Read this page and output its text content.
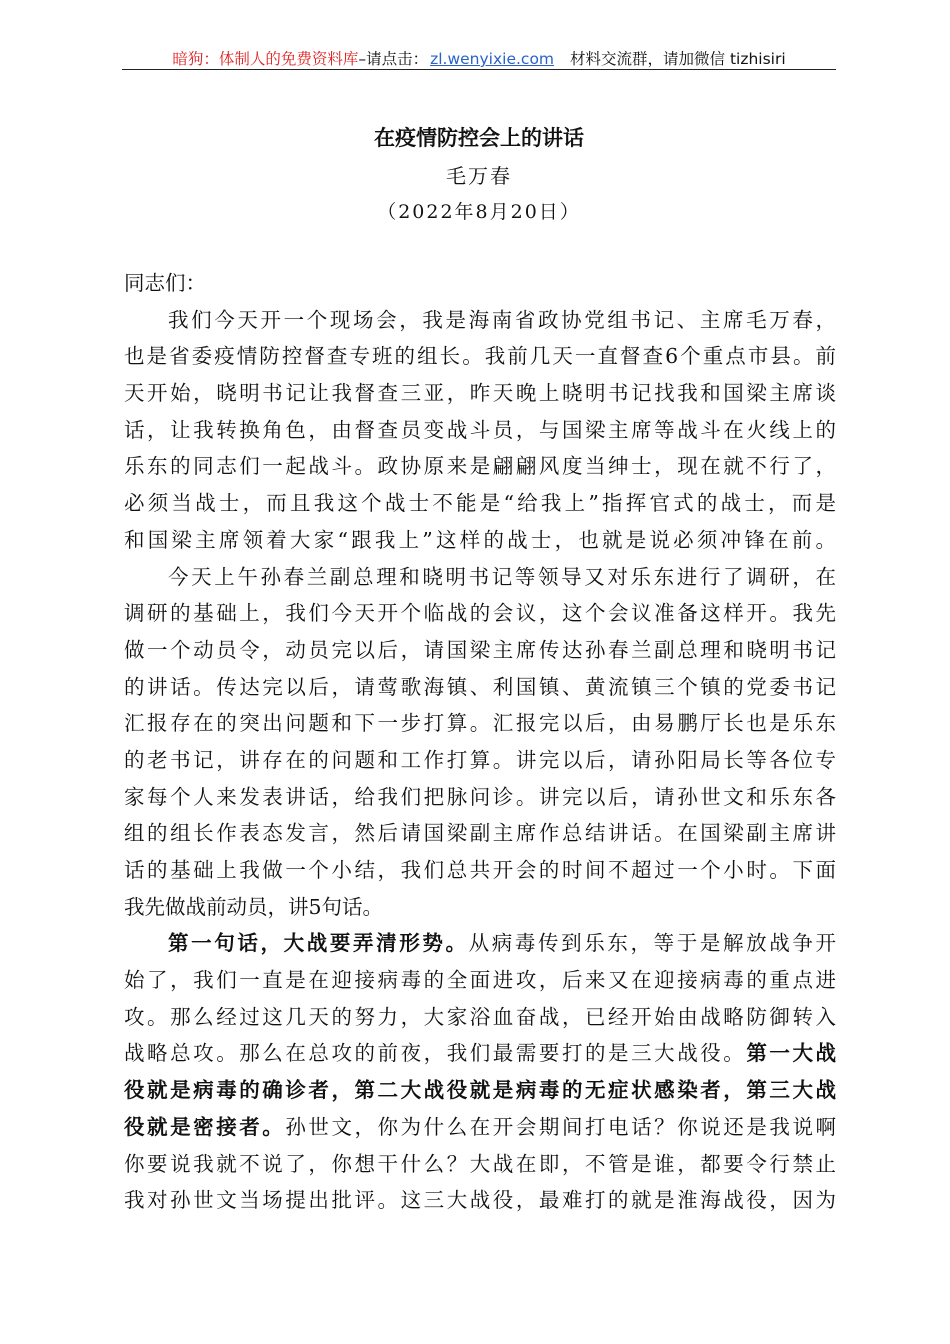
暗狗：体制人的免费资料库–请点击： zl.wenyixie.com 材料交流群，请加微信 tizhisiri
在疫情防控会上的讲话
毛万春
（2022年8月20日）
同志们：
我们今天开一个现场会，我是海南省政协党组书记、主席毛万春，
也是省委疫情防控督查专班的组长。我前几天一直督查6个重点市县。前
天开始，晓明书记让我督查三亚，昨天晚上晓明书记找我和国梁主席谈
话，让我转换角色，由督查员变战斗员，与国梁主席等战斗在火线上的
乐东的同志们一起战斗。政协原来是翩翩风度当绅士，现在就不行了，
必须当战士，而且我这个战士不能是“给我上”指挥官式的战士，而是
和国梁主席领着大家“跟我上”这样的战士，也就是说必须冲锋在前。
今天上午孙春兰副总理和晓明书记等领导又对乐东进行了调研，在
调研的基础上，我们今天开个临战的会议，这个会议准备这样开。我先
做一个动员令，动员完以后，请国梁主席传达孙春兰副总理和晓明书记
的讲话。传达完以后，请莺歌海镇、利国镇、黄流镇三个镇的党委书记
汇报存在的突出问题和下一步打算。汇报完以后，由易鹏厅长也是乐东
的老书记，讲存在的问题和工作打算。讲完以后，请孙阳局长等各位专
家每个人来发表讲话，给我们把脉问诊。讲完以后，请孙世文和乐东各
组的组长作表态发言，然后请国梁副主席作总结讲话。在国梁副主席讲
话的基础上我做一个小结，我们总共开会的时间不超过一个小时。下面
我先做战前动员，讲5句话。
第一句话，大战要弄清形势。从病毒传到乐东，等于是解放战争开
始了，我们一直是在迎接病毒的全面进攻，后来又在迎接病毒的重点进
攻。那么经过这几天的努力，大家浴血奋战，已经开始由战略防御转入
战略总攻。那么在总攻的前夜，我们最需要打的是三大战役。第一大战
役就是病毒的确诊者，第二大战役就是病毒的无症状感染者，第三大战
役就是密接者。孙世文，你为什么在开会期间打电话？你说还是我说啊
你要说我就不说了，你想干什么？大战在即，不管是谁，都要令行禁止
我对孙世文当场提出批评。这三大战役，最难打的就是淮海战役，因为
